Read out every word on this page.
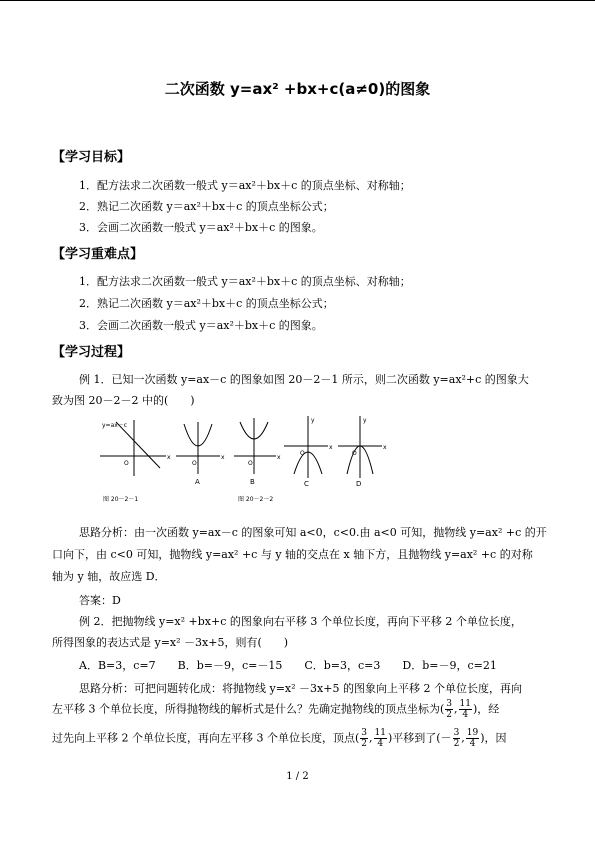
二次函数 y=ax² +bx+c(a≠0)的图象
【学习目标】
1．配方法求二次函数一般式 y＝ax²＋bx＋c 的顶点坐标、对称轴；
2．熟记二次函数 y＝ax²＋bx＋c 的顶点坐标公式；
3．会画二次函数一般式 y＝ax²＋bx＋c 的图象。
【学习重难点】
1．配方法求二次函数一般式 y＝ax²＋bx＋c 的顶点坐标、对称轴；
2．熟记二次函数 y＝ax²＋bx＋c 的顶点坐标公式；
3．会画二次函数一般式 y＝ax²＋bx＋c 的图象。
【学习过程】
例 1．已知一次函数 y=ax－c 的图象如图 20－2－1 所示，则二次函数 y=ax²+c 的图象大
致为图 20－2－2 中的(　　)
y=ax－c
O
x
图 20－2－1
x
O
A
x
O
B
x
y
O
C
x
y
O
D
图 20－2－2
思路分析：由一次函数 y=ax－c 的图象可知 a<0，c<0.由 a<0 可知，抛物线 y=ax² +c 的开
口向下，由 c<0 可知，抛物线 y=ax² +c 与 y 轴的交点在 x 轴下方，且抛物线 y=ax² +c 的对称
轴为 y 轴，故应选 D．
答案：D
例 2．把抛物线 y=x² +bx+c 的图象向右平移 3 个单位长度，再向下平移 2 个单位长度，
所得图象的表达式是 y=x² －3x+5，则有(　　)
A．B=3，c=7　　B．b=－9，c=－15　　C．b=3，c=3　　D．b=－9，c=21
思路分析：可把问题转化成：将抛物线 y=x² －3x+5 的图象向上平移 2 个单位长度，再向
左平移 3 个单位长度，所得抛物线的解析式是什么？先确定抛物线的顶点坐标为( $\frac{3}{2}$ , $\frac{11}{4}$ )，经
过先向上平移 2 个单位长度，再向左平移 3 个单位长度，顶点( $\frac{3}{2}$ , $\frac{11}{4}$ )平移到了(－ $\frac{3}{2}$ , $\frac{19}{4}$ )，因
1 / 2
